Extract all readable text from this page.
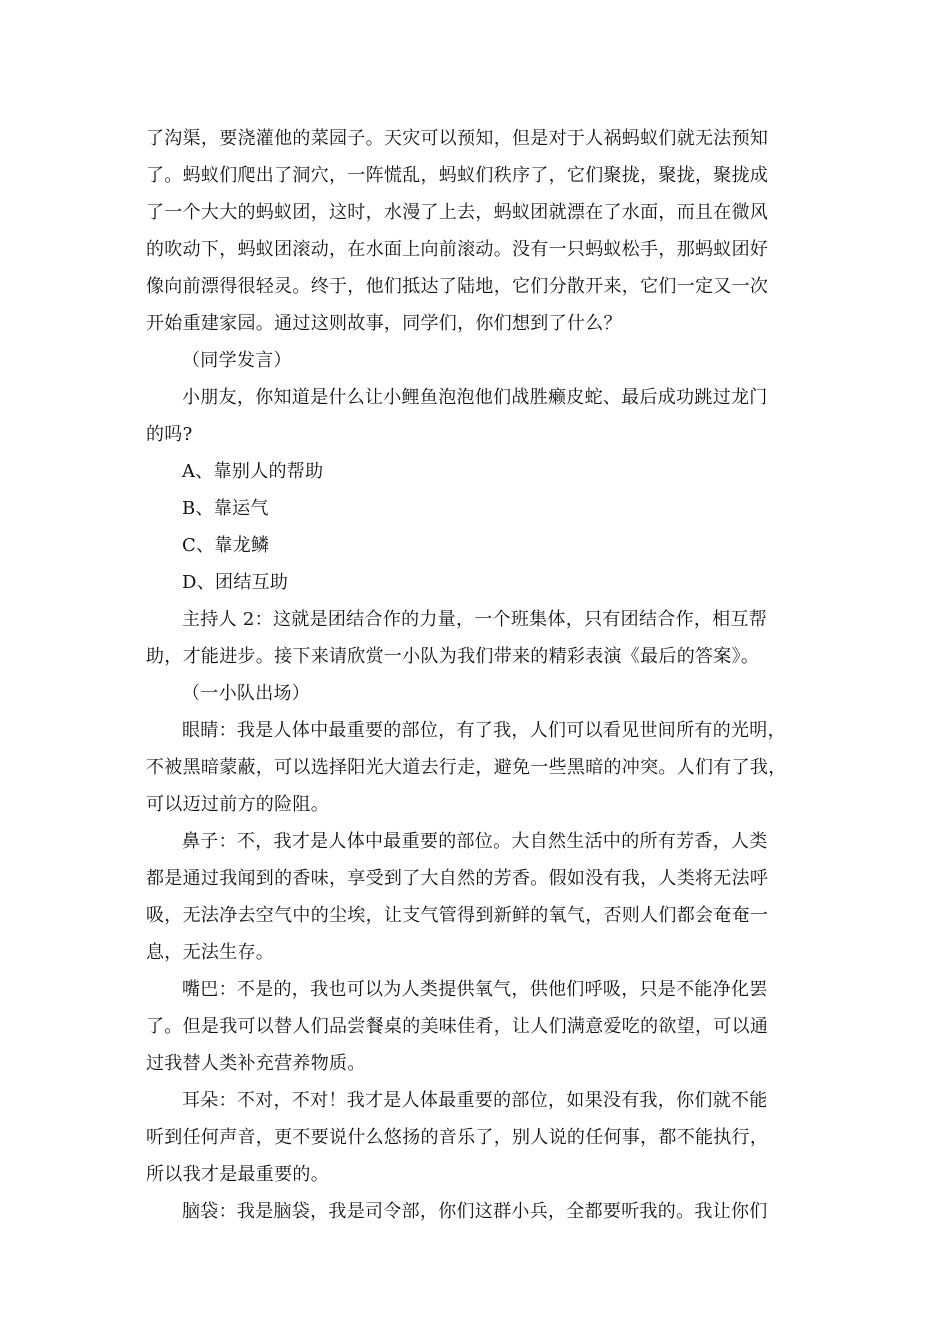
了沟渠，要浇灌他的菜园子。天灾可以预知，但是对于人祸蚂蚁们就无法预知
了。蚂蚁们爬出了洞穴，一阵慌乱，蚂蚁们秩序了，它们聚拢，聚拢，聚拢成
了一个大大的蚂蚁团，这时，水漫了上去，蚂蚁团就漂在了水面，而且在微风
的吹动下，蚂蚁团滚动，在水面上向前滚动。没有一只蚂蚁松手，那蚂蚁团好
像向前漂得很轻灵。终于，他们抵达了陆地，它们分散开来，它们一定又一次
开始重建家园。通过这则故事，同学们，你们想到了什么？
（同学发言）
小朋友，你知道是什么让小鲤鱼泡泡他们战胜癞皮蛇、最后成功跳过龙门
的吗?
A、靠别人的帮助
B、靠运气
C、靠龙鳞
D、团结互助
主持人 2：这就是团结合作的力量，一个班集体，只有团结合作，相互帮
助，才能进步。接下来请欣赏一小队为我们带来的精彩表演《最后的答案》。
（一小队出场）
眼睛：我是人体中最重要的部位，有了我，人们可以看见世间所有的光明，
不被黑暗蒙蔽，可以选择阳光大道去行走，避免一些黑暗的冲突。人们有了我，
可以迈过前方的险阻。
鼻子：不，我才是人体中最重要的部位。大自然生活中的所有芳香，人类
都是通过我闻到的香味，享受到了大自然的芳香。假如没有我，人类将无法呼
吸，无法净去空气中的尘埃，让支气管得到新鲜的氧气，否则人们都会奄奄一
息，无法生存。
嘴巴：不是的，我也可以为人类提供氧气，供他们呼吸，只是不能净化罢
了。但是我可以替人们品尝餐桌的美味佳肴，让人们满意爱吃的欲望，可以通
过我替人类补充营养物质。
耳朵：不对，不对！我才是人体最重要的部位，如果没有我，你们就不能
听到任何声音，更不要说什么悠扬的音乐了，别人说的任何事，都不能执行，
所以我才是最重要的。
脑袋：我是脑袋，我是司令部，你们这群小兵，全都要听我的。我让你们
